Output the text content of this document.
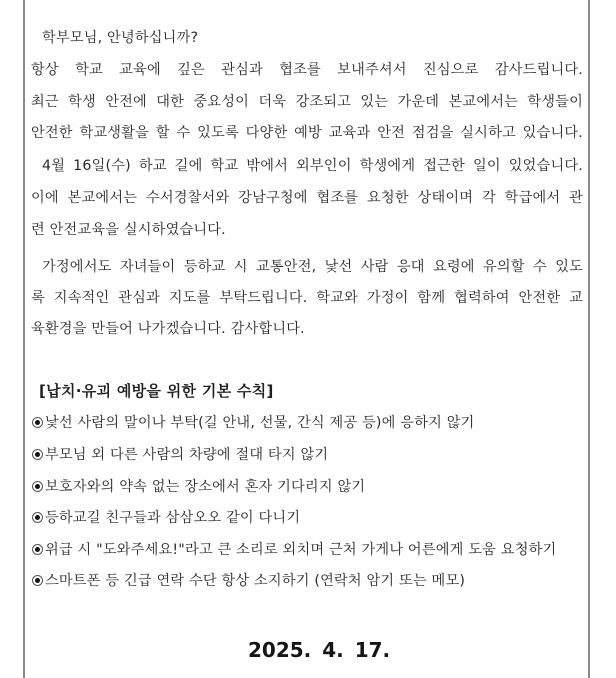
학부모님, 안녕하십니까?
항상 학교 교육에 깊은 관심과 협조를 보내주셔서 진심으로 감사드립니다.
최근 학생 안전에 대한 중요성이 더욱 강조되고 있는 가운데 본교에서는 학생들이
안전한 학교생활을 할 수 있도록 다양한 예방 교육과 안전 점검을 실시하고 있습니다.
4월 16일(수) 하교 길에 학교 밖에서 외부인이 학생에게 접근한 일이 있었습니다.
이에 본교에서는 수서경찰서와 강남구청에 협조를 요청한 상태이며 각 학급에서 관
련 안전교육을 실시하였습니다.
가정에서도 자녀들이 등하교 시 교통안전, 낯선 사람 응대 요령에 유의할 수 있도
록 지속적인 관심과 지도를 부탁드립니다. 학교와 가정이 함께 협력하여 안전한 교
육환경을 만들어 나가겠습니다. 감사합니다.
[납치·유괴 예방을 위한 기본 수칙]
낯선 사람의 말이나 부탁(길 안내, 선물, 간식 제공 등)에 응하지 않기
부모님 외 다른 사람의 차량에 절대 타지 않기
보호자와의 약속 없는 장소에서 혼자 기다리지 않기
등하교길 친구들과 삼삼오오 같이 다니기
위급 시 "도와주세요!"라고 큰 소리로 외치며 근처 가게나 어른에게 도움 요청하기
스마트폰 등 긴급 연락 수단 항상 소지하기 (연락처 암기 또는 메모)
2025. 4. 17.
